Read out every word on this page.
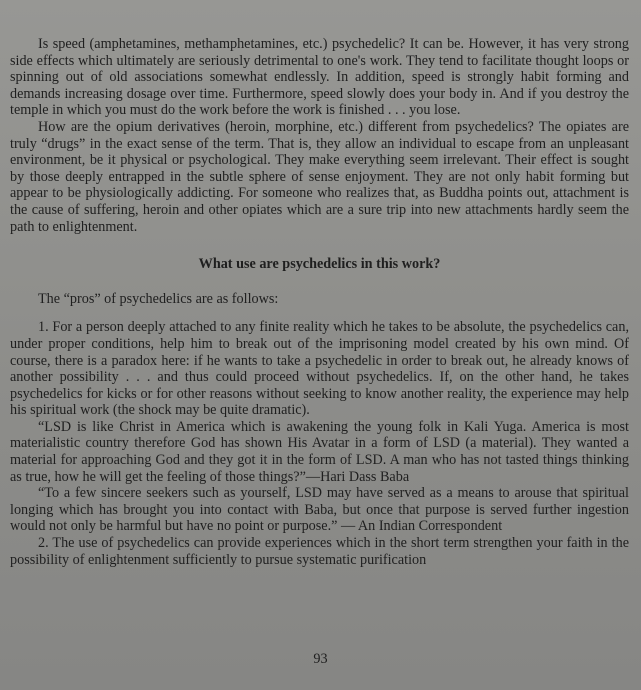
Is speed (amphetamines, methamphetamines, etc.) psychedelic? It can be. However, it has very strong side effects which ultimately are seriously detrimental to one's work. They tend to facilitate thought loops or spinning out of old associations somewhat endlessly. In addition, speed is strongly habit forming and demands increasing dosage over time. Furthermore, speed slowly does your body in. And if you destroy the temple in which you must do the work before the work is finished . . . you lose.

How are the opium derivatives (heroin, morphine, etc.) different from psychedelics? The opiates are truly “drugs” in the exact sense of the term. That is, they allow an individual to escape from an unpleasant environment, be it physical or psychological. They make everything seem irrelevant. Their effect is sought by those deeply entrapped in the subtle sphere of sense enjoyment. They are not only habit forming but appear to be physiologically addicting. For someone who realizes that, as Buddha points out, attachment is the cause of suffering, heroin and other opiates which are a sure trip into new attachments hardly seem the path to enlightenment.

What use are psychedelics in this work?

The “pros” of psychedelics are as follows:

1. For a person deeply attached to any finite reality which he takes to be absolute, the psychedelics can, under proper conditions, help him to break out of the imprisoning model created by his own mind. Of course, there is a paradox here: if he wants to take a psychedelic in order to break out, he already knows of another possibility . . . and thus could proceed without psychedelics. If, on the other hand, he takes psychedelics for kicks or for other reasons without seeking to know another reality, the experience may help his spiritual work (the shock may be quite dramatic).

“LSD is like Christ in America which is awakening the young folk in Kali Yuga. America is most materialistic country therefore God has shown His Avatar in a form of LSD (a material). They wanted a material for approaching God and they got it in the form of LSD. A man who has not tasted things thinking as true, how he will get the feeling of those things?”—Hari Dass Baba

“To a few sincere seekers such as yourself, LSD may have served as a means to arouse that spiritual longing which has brought you into contact with Baba, but once that purpose is served further ingestion would not only be harmful but have no point or purpose.” — An Indian Correspondent

2. The use of psychedelics can provide experiences which in the short term strengthen your faith in the possibility of enlightenment sufficiently to pursue systematic purification

93
